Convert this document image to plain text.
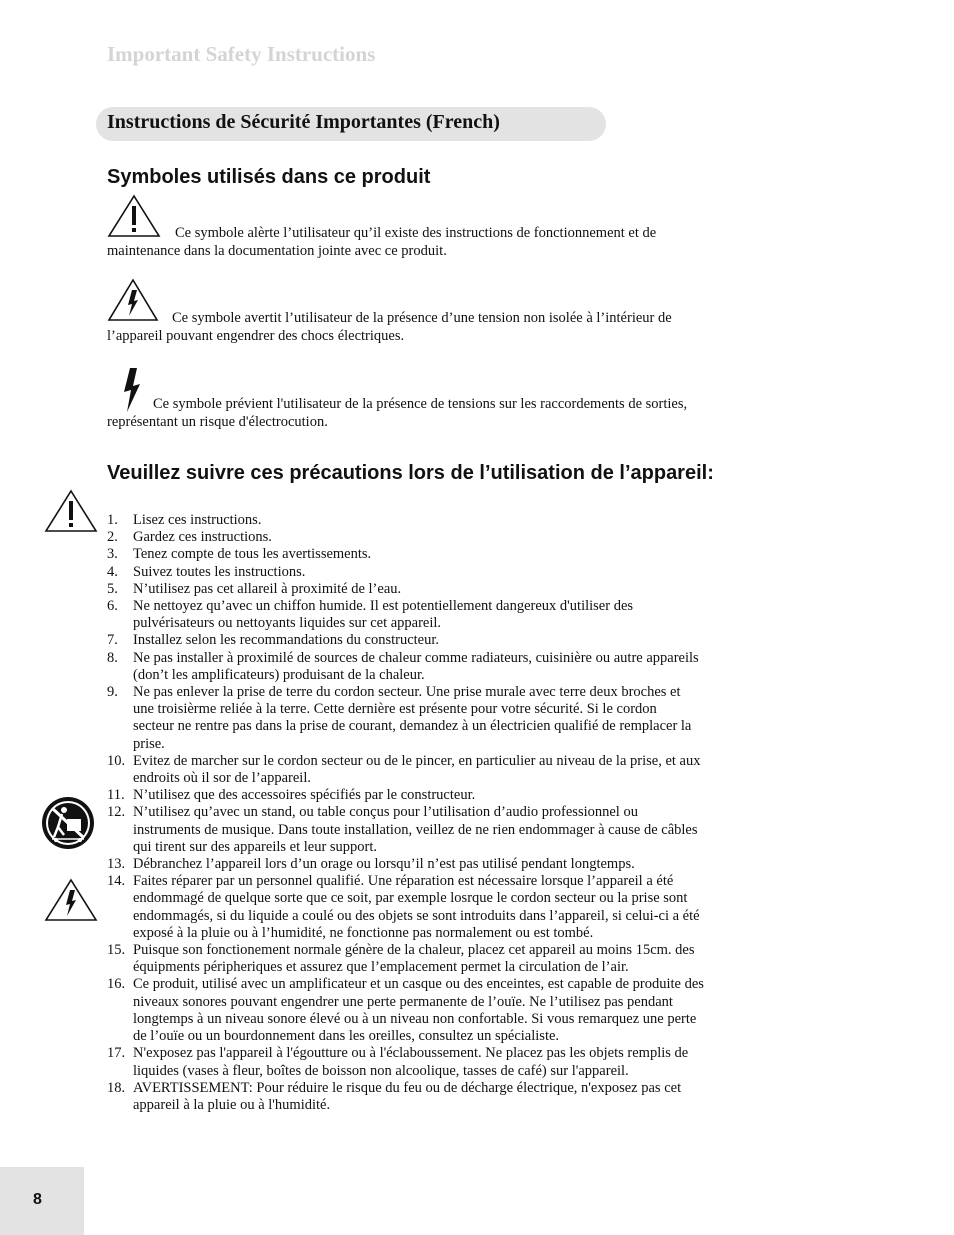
Important Safety Instructions
Instructions de Sécurité Importantes (French)
Symboles utilisés dans ce produit
Ce symbole alèrte l’utilisateur qu’il existe des instructions de fonctionnement et de
maintenance dans la documentation jointe avec ce produit.
Ce symbole avertit l’utilisateur de la présence d’une tension non isolée à l’intérieur de
l’appareil pouvant engendrer des chocs électriques.
Ce symbole prévient l'utilisateur de la présence de tensions sur les raccordements de sorties,
représentant un risque d'électrocution.
Veuillez suivre ces précautions lors de l’utilisation de l’appareil:
1. Lisez ces instructions.
2. Gardez ces instructions.
3. Tenez compte de tous les avertissements.
4. Suivez toutes les instructions.
5. N’utilisez pas cet allareil à proximité de l’eau.
6. Ne nettoyez qu’avec un chiffon humide. Il est potentiellement dangereux d'utiliser des
pulvérisateurs ou nettoyants liquides sur cet appareil.
7. Installez selon les recommandations du constructeur.
8. Ne pas installer à proximilé de sources de chaleur comme radiateurs, cuisinière ou autre appareils
(don’t les amplificateurs) produisant de la chaleur.
9. Ne pas enlever la prise de terre du cordon secteur. Une prise murale avec terre deux broches et
une troisièrme reliée à la terre. Cette dernière est présente pour votre sécurité. Si le cordon
secteur ne rentre pas dans la prise de courant, demandez à un électricien qualifié de remplacer la
prise.
10. Evitez de marcher sur le cordon secteur ou de le pincer, en particulier au niveau de la prise, et aux
endroits où il sor de l’appareil.
11. N’utilisez que des accessoires spécifiés par le constructeur.
12. N’utilisez qu’avec un stand, ou table conçus pour l’utilisation d’audio professionnel ou
instruments de musique. Dans toute installation, veillez de ne rien endommager à cause de câbles
qui tirent sur des appareils et leur support.
13. Débranchez l’appareil lors d’un orage ou lorsqu’il n’est pas utilisé pendant longtemps.
14. Faites réparer par un personnel qualifié. Une réparation est nécessaire lorsque l’appareil a été
endommagé de quelque sorte que ce soit, par exemple losrque le cordon secteur ou la prise sont
endommagés, si du liquide a coulé ou des objets se sont introduits dans l’appareil, si celui-ci a été
exposé à la pluie ou à l’humidité, ne fonctionne pas normalement ou est tombé.
15. Puisque son fonctionement normale génère de la chaleur, placez cet appareil au moins 15cm. des
équipments péripheriques et assurez que l’emplacement permet la circulation de l’air.
16. Ce produit, utilisé avec un amplificateur et un casque ou des enceintes, est capable de produite des
niveaux sonores pouvant engendrer une perte permanente de l’ouïe. Ne l’utilisez pas pendant
longtemps à un niveau sonore élevé ou à un niveau non confortable. Si vous remarquez une perte
de l’ouïe ou un bourdonnement dans les oreilles, consultez un spécialiste.
17. N'exposez pas l'appareil à l'égoutture ou à l'éclaboussement. Ne placez pas les objets remplis de
liquides (vases à fleur, boîtes de boisson non alcoolique, tasses de café) sur l'appareil.
18. AVERTISSEMENT: Pour réduire le risque du feu ou de décharge électrique, n'exposez pas cet
appareil à la pluie ou à l'humidité.
8
